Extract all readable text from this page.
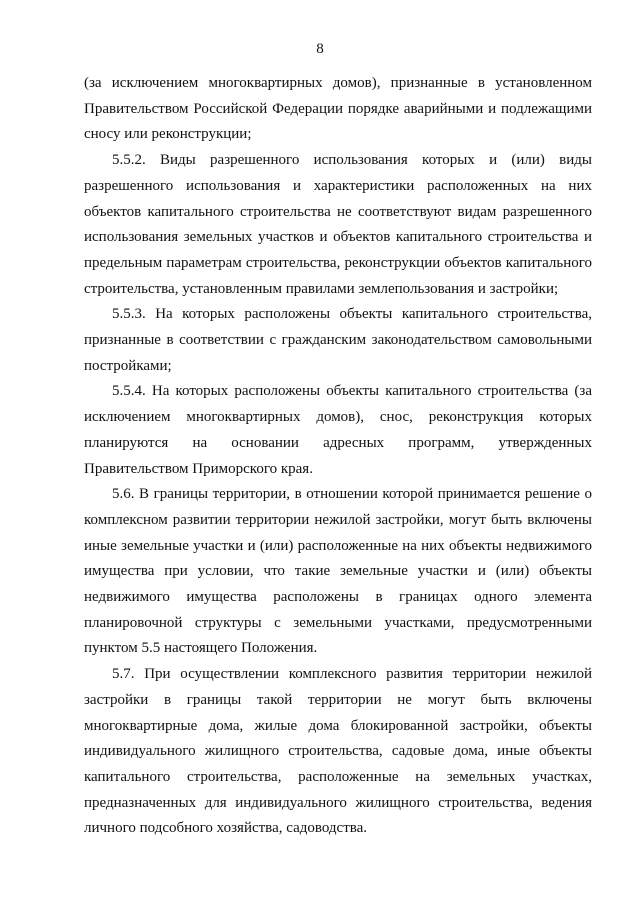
8

(за исключением многоквартирных домов), признанные в установленном Правительством Российской Федерации порядке аварийными и подлежащими сносу или реконструкции;

5.5.2. Виды разрешенного использования которых и (или) виды разрешенного использования и характеристики расположенных на них объектов капитального строительства не соответствуют видам разрешенного использования земельных участков и объектов капитального строительства и предельным параметрам строительства, реконструкции объектов капитального строительства, установленным правилами землепользования и застройки;

5.5.3. На которых расположены объекты капитального строительства, признанные в соответствии с гражданским законодательством самовольными постройками;

5.5.4. На которых расположены объекты капитального строительства (за исключением многоквартирных домов), снос, реконструкция которых планируются на основании адресных программ, утвержденных Правительством Приморского края.

5.6. В границы территории, в отношении которой принимается решение о комплексном развитии территории нежилой застройки, могут быть включены иные земельные участки и (или) расположенные на них объекты недвижимого имущества при условии, что такие земельные участки и (или) объекты недвижимого имущества расположены в границах одного элемента планировочной структуры с земельными участками, предусмотренными пунктом 5.5 настоящего Положения.

5.7. При осуществлении комплексного развития территории нежилой застройки в границы такой территории не могут быть включены многоквартирные дома, жилые дома блокированной застройки, объекты индивидуального жилищного строительства, садовые дома, иные объекты капитального строительства, расположенные на земельных участках, предназначенных для индивидуального жилищного строительства, ведения личного подсобного хозяйства, садоводства.
